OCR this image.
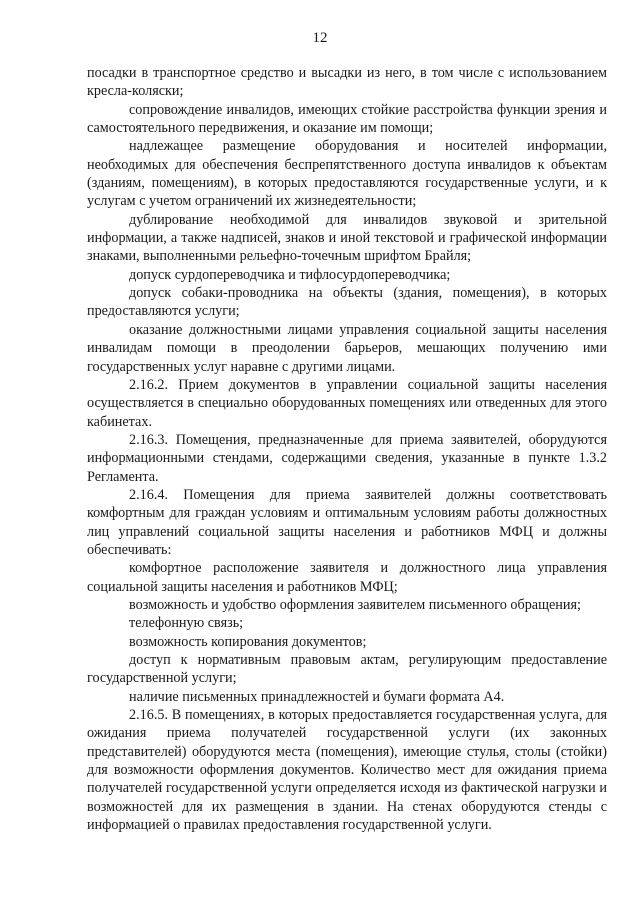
12

посадки в транспортное средство и высадки из него, в том числе с использованием кресла-коляски;

сопровождение инвалидов, имеющих стойкие расстройства функции зрения и самостоятельного передвижения, и оказание им помощи;

надлежащее размещение оборудования и носителей информации, необходимых для обеспечения беспрепятственного доступа инвалидов к объектам (зданиям, помещениям), в которых предоставляются государственные услуги, и к услугам с учетом ограничений их жизнедеятельности;

дублирование необходимой для инвалидов звуковой и зрительной информации, а также надписей, знаков и иной текстовой и графической информации знаками, выполненными рельефно-точечным шрифтом Брайля;

допуск сурдопереводчика и тифлосурдопереводчика;

допуск собаки-проводника на объекты (здания, помещения), в которых предоставляются услуги;

оказание должностными лицами управления социальной защиты населения инвалидам помощи в преодолении барьеров, мешающих получению ими государственных услуг наравне с другими лицами.

2.16.2. Прием документов в управлении социальной защиты населения осуществляется в специально оборудованных помещениях или отведенных для этого кабинетах.

2.16.3. Помещения, предназначенные для приема заявителей, оборудуются информационными стендами, содержащими сведения, указанные в пункте 1.3.2 Регламента.

2.16.4. Помещения для приема заявителей должны соответствовать комфортным для граждан условиям и оптимальным условиям работы должностных лиц управлений социальной защиты населения и работников МФЦ и должны обеспечивать:

комфортное расположение заявителя и должностного лица управления социальной защиты населения и работников МФЦ;

возможность и удобство оформления заявителем письменного обращения;

телефонную связь;

возможность копирования документов;

доступ к нормативным правовым актам, регулирующим предоставление государственной услуги;

наличие письменных принадлежностей и бумаги формата А4.

2.16.5. В помещениях, в которых предоставляется государственная услуга, для ожидания приема получателей государственной услуги (их законных представителей) оборудуются места (помещения), имеющие стулья, столы (стойки) для возможности оформления документов. Количество мест для ожидания приема получателей государственной услуги определяется исходя из фактической нагрузки и возможностей для их размещения в здании. На стенах оборудуются стенды с информацией о правилах предоставления государственной услуги.
